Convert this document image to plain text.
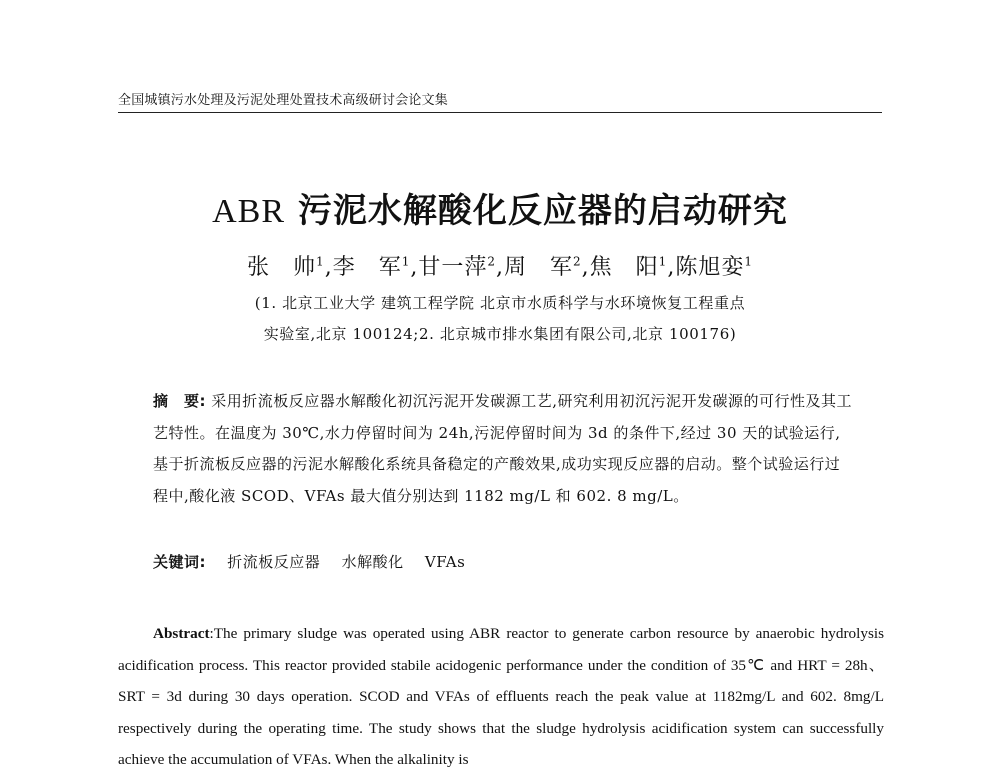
全国城镇污水处理及污泥处理处置技术高级研讨会论文集
ABR 污泥水解酸化反应器的启动研究
张　帅$^1$,李　军$^1$,甘一萍$^2$,周　军$^2$,焦　阳$^1$,陈旭娈$^1$
(1. 北京工业大学 建筑工程学院 北京市水质科学与水环境恢复工程重点
实验室,北京 100124;2. 北京城市排水集团有限公司,北京 100176)
摘　要: 采用折流板反应器水解酸化初沉污泥开发碳源工艺,研究利用初沉污泥开发碳源的可行性及其工艺特性。在温度为 30℃,水力停留时间为 24h,污泥停留时间为 3d 的条件下,经过 30 天的试验运行,基于折流板反应器的污泥水解酸化系统具备稳定的产酸效果,成功实现反应器的启动。整个试验运行过程中,酸化液 SCOD、VFAs 最大值分别达到 1182 mg/L 和 602. 8 mg/L。
关键词: 折流板反应器 水解酸化 VFAs
Abstract:The primary sludge was operated using ABR reactor to generate carbon resource by anaerobic hydrolysis acidification process. This reactor provided stabile acidogenic performance under the condition of 35℃ and HRT = 28h、SRT = 3d during 30 days operation. SCOD and VFAs of effluents reach the peak value at 1182mg/L and 602. 8mg/L respectively during the operating time. The study shows that the sludge hydrolysis acidification system can successfully achieve the accumulation of VFAs. When the alkalinity is
